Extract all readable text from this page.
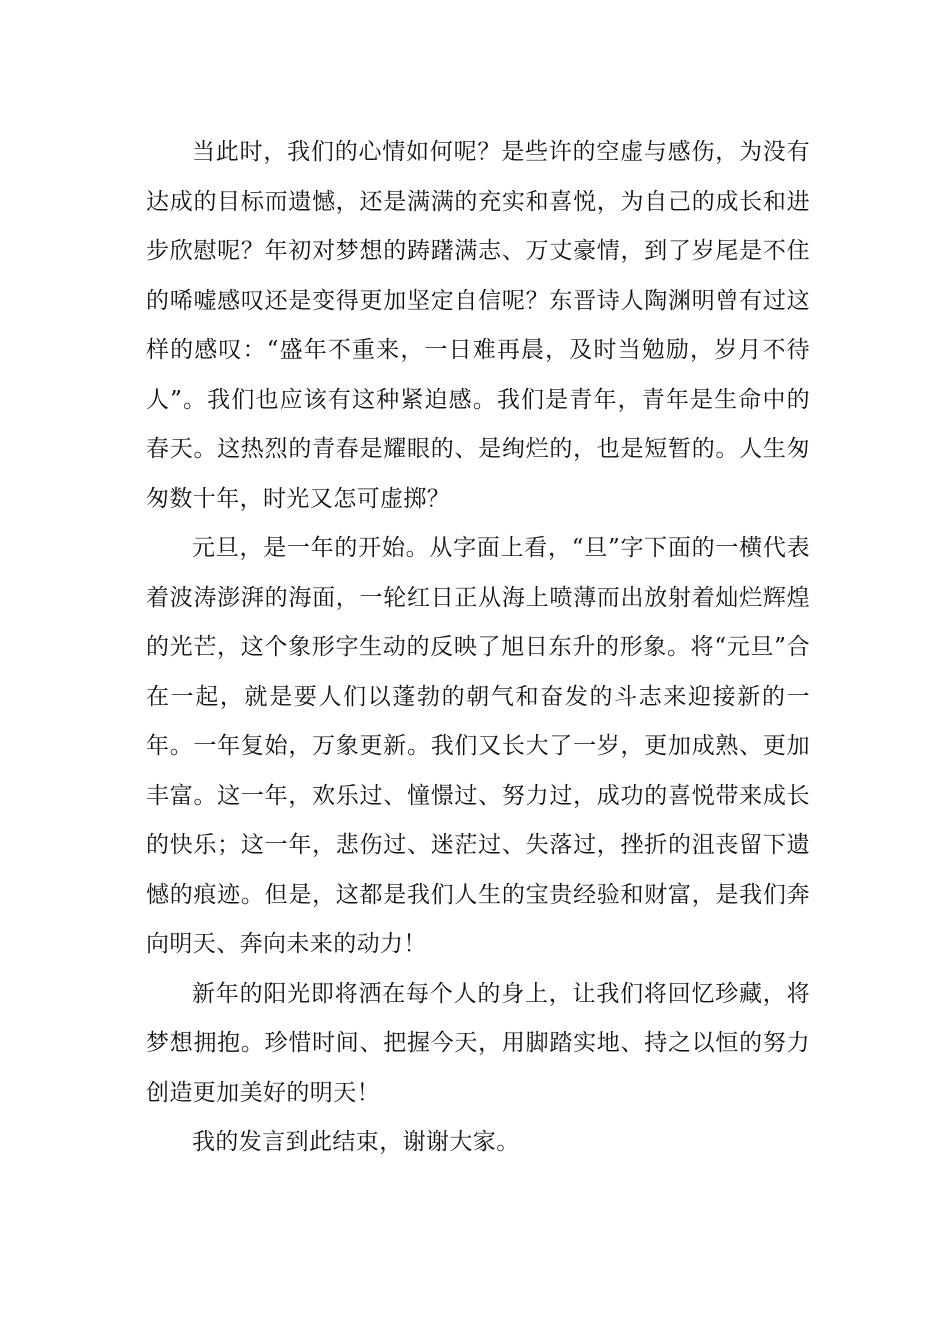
当此时，我们的心情如何呢？是些许的空虚与感伤，为没有达成的目标而遗憾，还是满满的充实和喜悦，为自己的成长和进步欣慰呢？年初对梦想的踌躇满志、万丈豪情，到了岁尾是不住的唏嘘感叹还是变得更加坚定自信呢？东晋诗人陶渊明曾有过这样的感叹：“盛年不重来，一日难再晨，及时当勉励，岁月不待人”。我们也应该有这种紧迫感。我们是青年，青年是生命中的春天。这热烈的青春是耀眼的、是绚烂的，也是短暂的。人生匆匆数十年，时光又怎可虚掷？

元旦，是一年的开始。从字面上看，“旦”字下面的一横代表着波涛澎湃的海面，一轮红日正从海上喷薄而出放射着灿烂辉煌的光芒，这个象形字生动的反映了旭日东升的形象。将“元旦”合在一起，就是要人们以蓬勃的朝气和奋发的斗志来迎接新的一年。一年复始，万象更新。我们又长大了一岁，更加成熟、更加丰富。这一年，欢乐过、憧憬过、努力过，成功的喜悦带来成长的快乐；这一年，悲伤过、迷茫过、失落过，挫折的沮丧留下遗憾的痕迹。但是，这都是我们人生的宝贵经验和财富，是我们奔向明天、奔向未来的动力！

新年的阳光即将洒在每个人的身上，让我们将回忆珍藏，将梦想拥抱。珍惜时间、把握今天，用脚踏实地、持之以恒的努力创造更加美好的明天！

我的发言到此结束，谢谢大家。
